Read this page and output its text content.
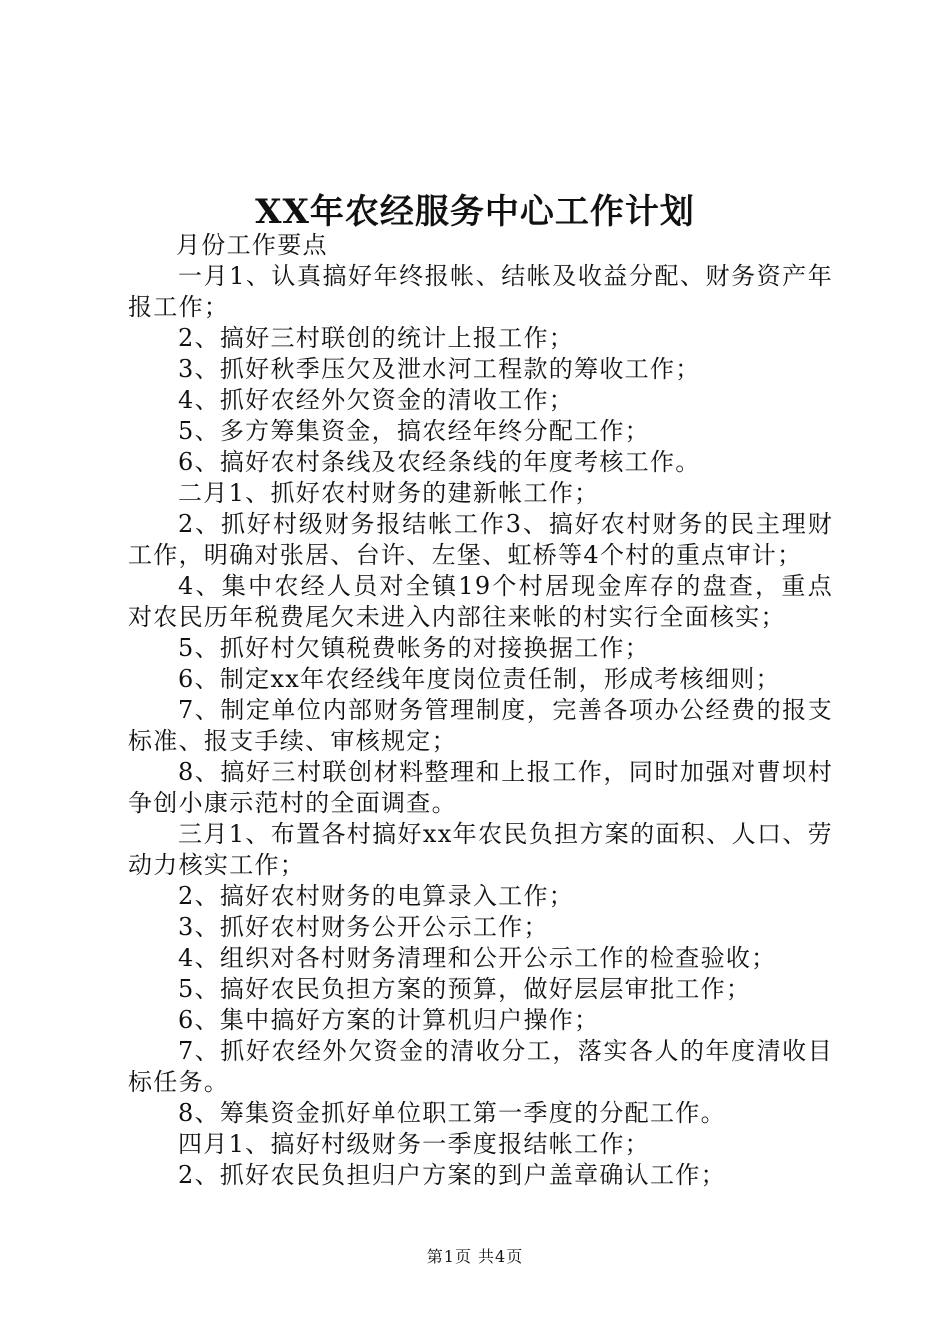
XX年农经服务中心工作计划

月份工作要点

一月1、认真搞好年终报帐、结帐及收益分配、财务资产年报工作；

2、搞好三村联创的统计上报工作；

3、抓好秋季压欠及泄水河工程款的筹收工作；

4、抓好农经外欠资金的清收工作；

5、多方筹集资金，搞农经年终分配工作；

6、搞好农村条线及农经条线的年度考核工作。

二月1、抓好农村财务的建新帐工作；

2、抓好村级财务报结帐工作3、搞好农村财务的民主理财工作，明确对张居、台许、左堡、虹桥等4个村的重点审计；

4、集中农经人员对全镇19个村居现金库存的盘查，重点对农民历年税费尾欠未进入内部往来帐的村实行全面核实；

5、抓好村欠镇税费帐务的对接换据工作；

6、制定xx年农经线年度岗位责任制，形成考核细则；

7、制定单位内部财务管理制度，完善各项办公经费的报支标准、报支手续、审核规定；

8、搞好三村联创材料整理和上报工作，同时加强对曹坝村争创小康示范村的全面调查。

三月1、布置各村搞好xx年农民负担方案的面积、人口、劳动力核实工作；

2、搞好农村财务的电算录入工作；

3、抓好农村财务公开公示工作；

4、组织对各村财务清理和公开公示工作的检查验收；

5、搞好农民负担方案的预算，做好层层审批工作；

6、集中搞好方案的计算机归户操作；

7、抓好农经外欠资金的清收分工，落实各人的年度清收目标任务。

8、筹集资金抓好单位职工第一季度的分配工作。

四月1、搞好村级财务一季度报结帐工作；

2、抓好农民负担归户方案的到户盖章确认工作；

第1页 共4页
